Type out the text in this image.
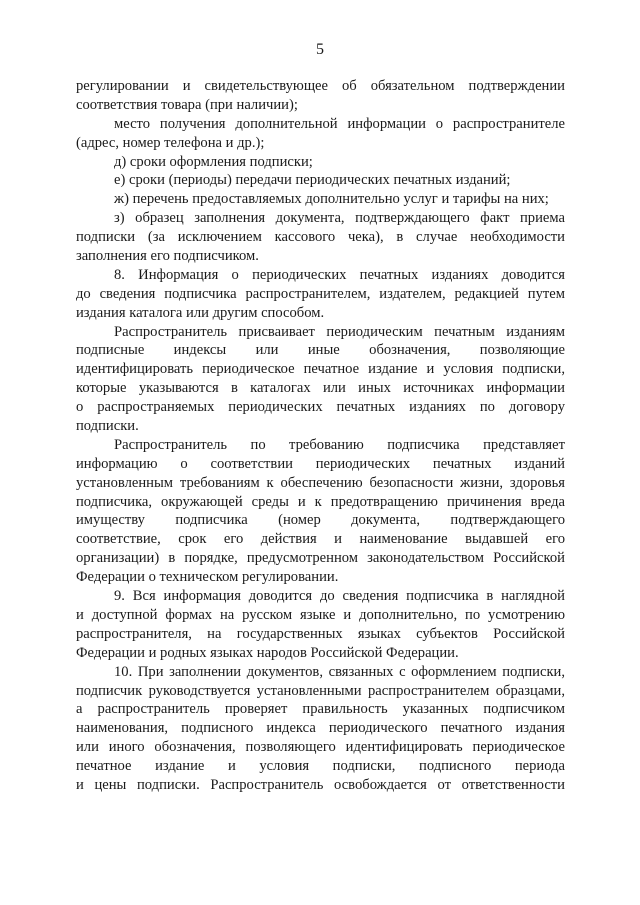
5
регулировании и свидетельствующее об обязательном подтверждении
соответствия товара (при наличии);
место получения дополнительной информации о распространителе
(адрес, номер телефона и др.);
д) сроки оформления подписки;
е) сроки (периоды) передачи периодических печатных изданий;
ж) перечень предоставляемых дополнительно услуг и тарифы на них;
з) образец заполнения документа, подтверждающего факт приема
подписки (за исключением кассового чека), в случае необходимости
заполнения его подписчиком.
8. Информация о периодических печатных изданиях доводится
до сведения подписчика распространителем, издателем, редакцией путем
издания каталога или другим способом.
Распространитель присваивает периодическим печатным изданиям
подписные индексы или иные обозначения, позволяющие
идентифицировать периодическое печатное издание и условия подписки,
которые указываются в каталогах или иных источниках информации
о распространяемых периодических печатных изданиях по договору
подписки.
Распространитель по требованию подписчика представляет
информацию о соответствии периодических печатных изданий
установленным требованиям к обеспечению безопасности жизни, здоровья
подписчика, окружающей среды и к предотвращению причинения вреда
имуществу подписчика (номер документа, подтверждающего
соответствие, срок его действия и наименование выдавшей его
организации) в порядке, предусмотренном законодательством Российской
Федерации о техническом регулировании.
9. Вся информация доводится до сведения подписчика в наглядной
и доступной формах на русском языке и дополнительно, по усмотрению
распространителя, на государственных языках субъектов Российской
Федерации и родных языках народов Российской Федерации.
10. При заполнении документов, связанных с оформлением подписки,
подписчик руководствуется установленными распространителем образцами,
а распространитель проверяет правильность указанных подписчиком
наименования, подписного индекса периодического печатного издания
или иного обозначения, позволяющего идентифицировать периодическое
печатное издание и условия подписки, подписного периода
и цены подписки. Распространитель освобождается от ответственности
